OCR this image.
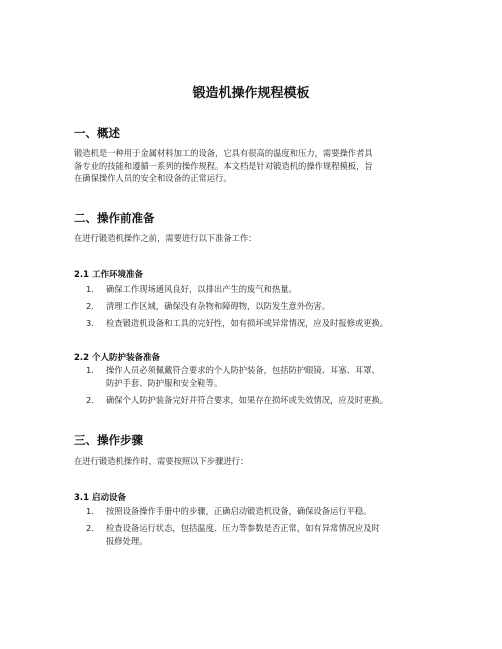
锻造机操作规程模板
一、概述
锻造机是一种用于金属材料加工的设备，它具有很高的温度和压力，需要操作者具
备专业的技能和遵循一系列的操作规程。本文档是针对锻造机的操作规程模板，旨
在确保操作人员的安全和设备的正常运行。
二、操作前准备
在进行锻造机操作之前，需要进行以下准备工作：
2.1 工作环境准备
1. 确保工作现场通风良好，以排出产生的废气和热量。
2. 清理工作区域，确保没有杂物和障碍物，以防发生意外伤害。
3. 检查锻造机设备和工具的完好性，如有损坏或异常情况，应及时报修或更换。
2.2 个人防护装备准备
1. 操作人员必须佩戴符合要求的个人防护装备，包括防护眼镜、耳塞、耳罩、
防护手套、防护服和安全鞋等。
2. 确保个人防护装备完好并符合要求，如果存在损坏或失效情况，应及时更换。
三、操作步骤
在进行锻造机操作时，需要按照以下步骤进行：
3.1 启动设备
1. 按照设备操作手册中的步骤，正确启动锻造机设备，确保设备运行平稳。
2. 检查设备运行状态，包括温度、压力等参数是否正常，如有异常情况应及时
报修处理。
